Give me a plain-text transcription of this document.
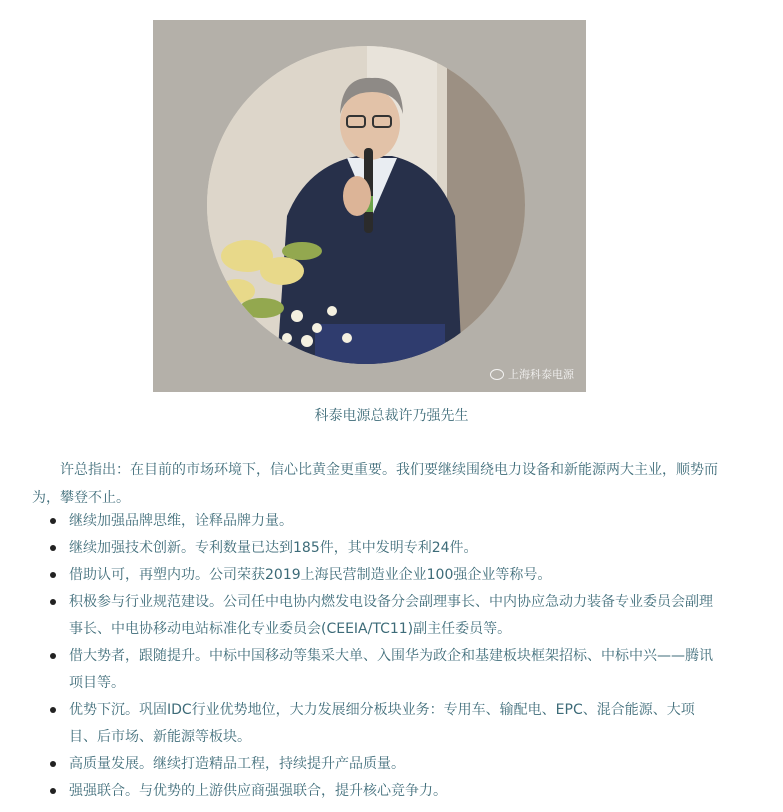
上海科泰电源
科泰电源总裁许乃强先生

许总指出：在目前的市场环境下，信心比黄金更重要。我们要继续围绕电力设备和新能源两大主业，顺势而为，攀登不止。

继续加强品牌思维，诠释品牌力量。
继续加强技术创新。专利数量已达到185件，其中发明专利24件。
借助认可，再塑内功。公司荣获2019上海民营制造业企业100强企业等称号。
积极参与行业规范建设。公司任中电协内燃发电设备分会副理事长、中内协应急动力装备专业委员会副理事长、中电协移动电站标准化专业委员会(CEEIA/TC11)副主任委员等。
借大势者，跟随提升。中标中国移动等集采大单、入围华为政企和基建板块框架招标、中标中兴——腾讯项目等。
优势下沉。巩固IDC行业优势地位，大力发展细分板块业务：专用车、输配电、EPC、混合能源、大项目、后市场、新能源等板块。
高质量发展。继续打造精品工程，持续提升产品质量。
强强联合。与优势的上游供应商强强联合，提升核心竞争力。
